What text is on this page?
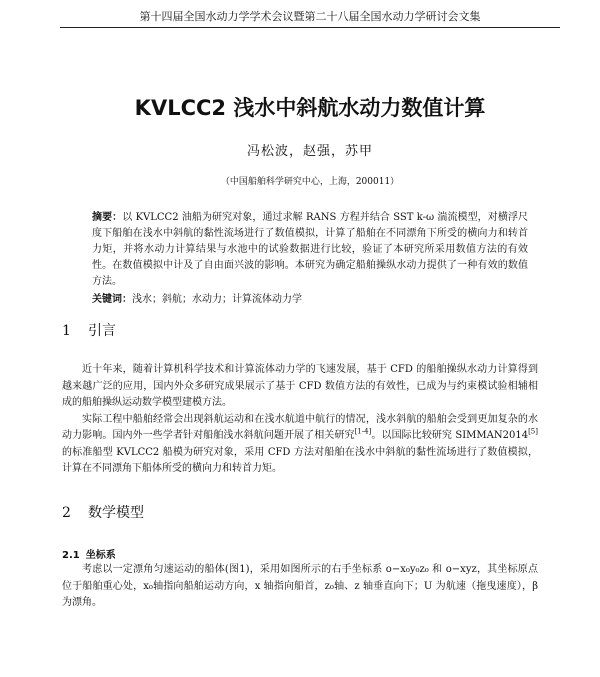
第十四届全国水动力学学术会议暨第二十八届全国水动力学研讨会文集
KVLCC2 浅水中斜航水动力数值计算
冯松波，赵强，苏甲
（中国船舶科学研究中心，上海，200011）
摘要：以 KVLCC2 油船为研究对象，通过求解 RANS 方程并结合 SST k-ω 湍流模型，对横浮尺度下船舶在浅水中斜航的黏性流场进行了数值模拟，计算了船舶在不同漂角下所受的横向力和转首力矩，并将水动力计算结果与水池中的试验数据进行比较，验证了本研究所采用数值方法的有效性。在数值模拟中计及了自由面兴波的影响。本研究为确定船舶操纵水动力提供了一种有效的数值方法。
关键词：浅水；斜航；水动力；计算流体动力学
1 引言

近十年来，随着计算机科学技术和计算流体动力学的飞速发展，基于 CFD 的船舶操纵水动力计算得到越来越广泛的应用，国内外众多研究成果展示了基于 CFD 数值方法的有效性，已成为与约束模试验相辅相成的船舶操纵运动数学模型建模方法。

实际工程中船舶经常会出现斜航运动和在浅水航道中航行的情况，浅水斜航的船舶会受到更加复杂的水动力影响。国内外一些学者针对船舶浅水斜航问题开展了相关研究[1-4]。以国际比较研究 SIMMAN2014[5]的标准船型 KVLCC2 船模为研究对象，采用 CFD 方法对船舶在浅水中斜航的黏性流场进行了数值模拟，计算在不同漂角下船体所受的横向力和转首力矩。

2 数学模型
2.1 坐标系

考虑以一定漂角匀速运动的船体(图1)，采用如图所示的右手坐标系 o−x₀y₀z₀ 和 o−xyz，其坐标原点位于船舶重心处，x₀轴指向船舶运动方向，x 轴指向船首，z₀轴、z 轴垂直向下；U 为航速（拖曳速度），β 为漂角。
